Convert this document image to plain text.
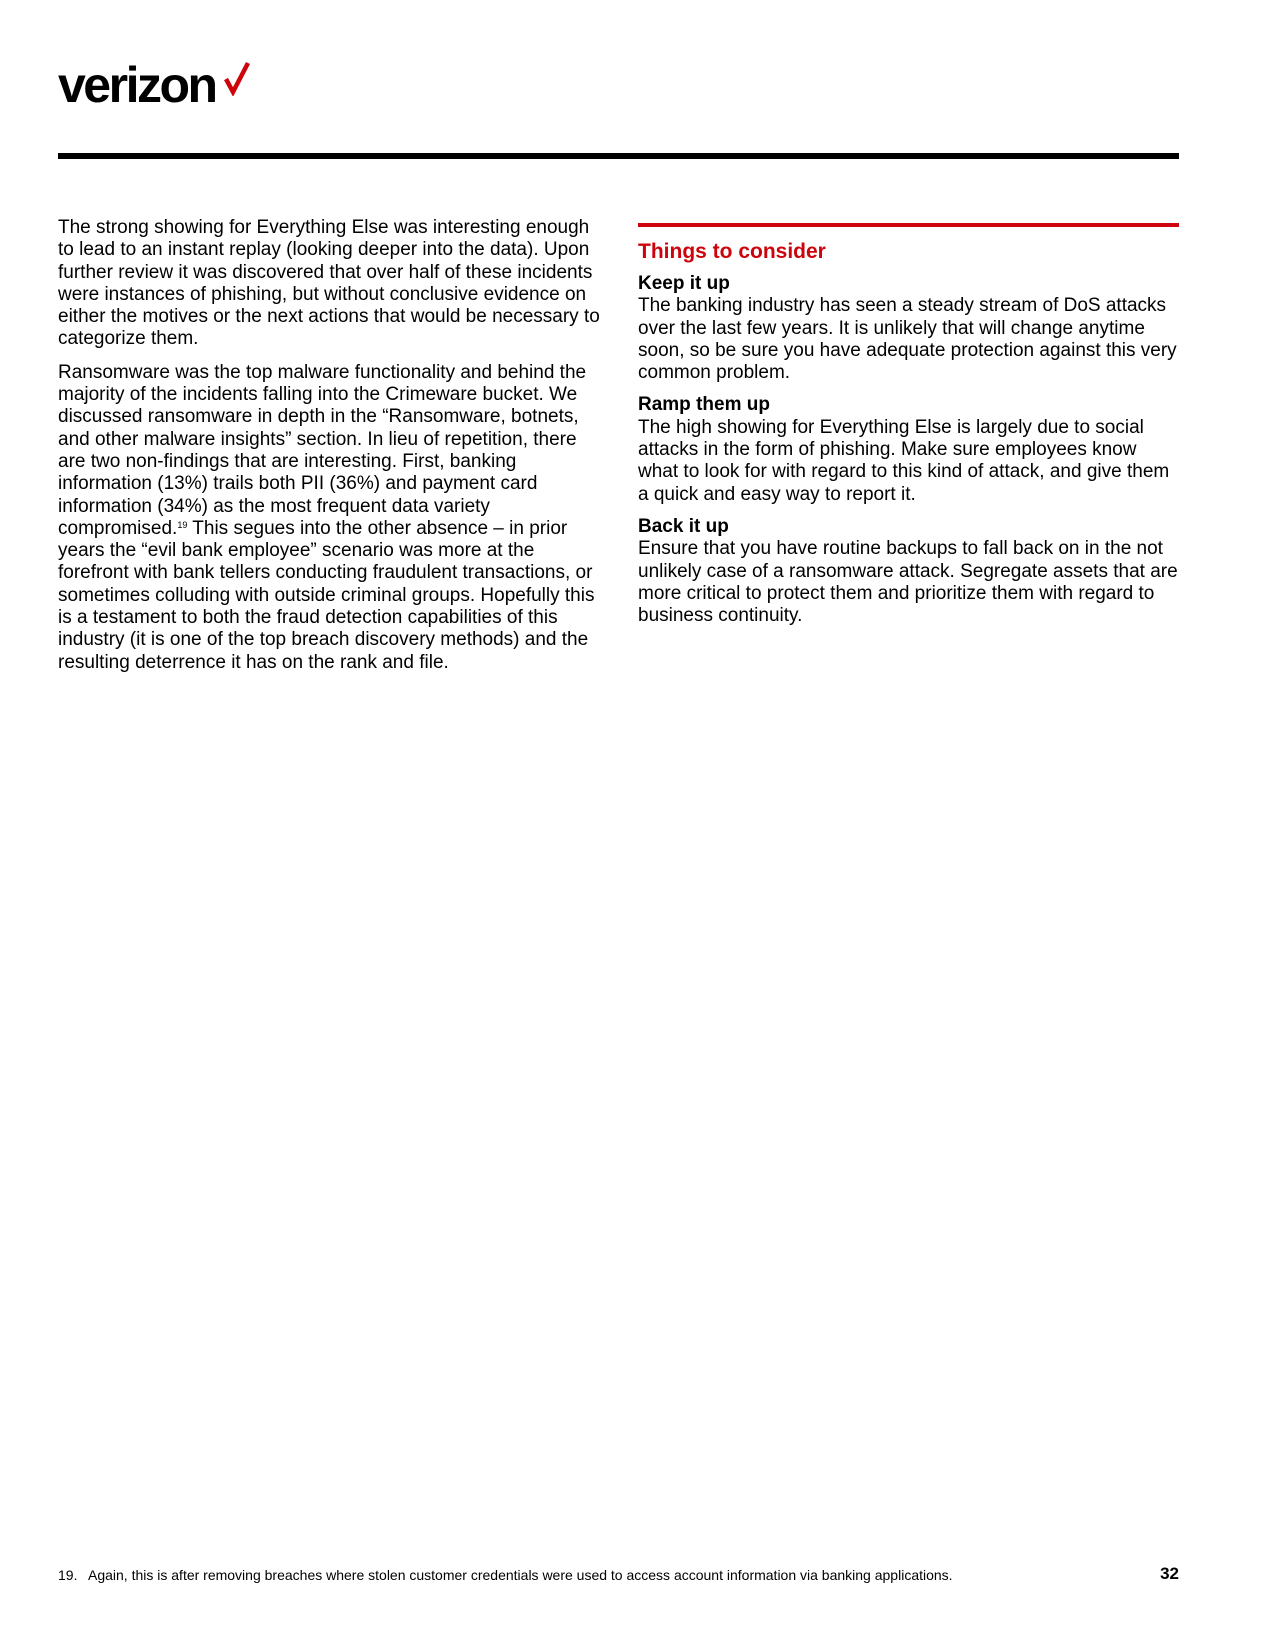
verizon

The strong showing for Everything Else was interesting enough to lead to an instant replay (looking deeper into the data). Upon further review it was discovered that over half of these incidents were instances of phishing, but without conclusive evidence on either the motives or the next actions that would be necessary to categorize them.

Ransomware was the top malware functionality and behind the majority of the incidents falling into the Crimeware bucket. We discussed ransomware in depth in the “Ransomware, botnets, and other malware insights” section. In lieu of repetition, there are two non-findings that are interesting. First, banking information (13%) trails both PII (36%) and payment card information (34%) as the most frequent data variety compromised.$^{19}$ This segues into the other absence – in prior years the “evil bank employee” scenario was more at the forefront with bank tellers conducting fraudulent transactions, or sometimes colluding with outside criminal groups. Hopefully this is a testament to both the fraud detection capabilities of this industry (it is one of the top breach discovery methods) and the resulting deterrence it has on the rank and file.

Things to consider
Keep it up

The banking industry has seen a steady stream of DoS attacks over the last few years. It is unlikely that will change anytime soon, so be sure you have adequate protection against this very common problem.

Ramp them up

The high showing for Everything Else is largely due to social attacks in the form of phishing. Make sure employees know what to look for with regard to this kind of attack, and give them a quick and easy way to report it.

Back it up

Ensure that you have routine backups to fall back on in the not unlikely case of a ransomware attack. Segregate assets that are more critical to protect them and prioritize them with regard to business continuity.

19. Again, this is after removing breaches where stolen customer credentials were used to access account information via banking applications.	32
